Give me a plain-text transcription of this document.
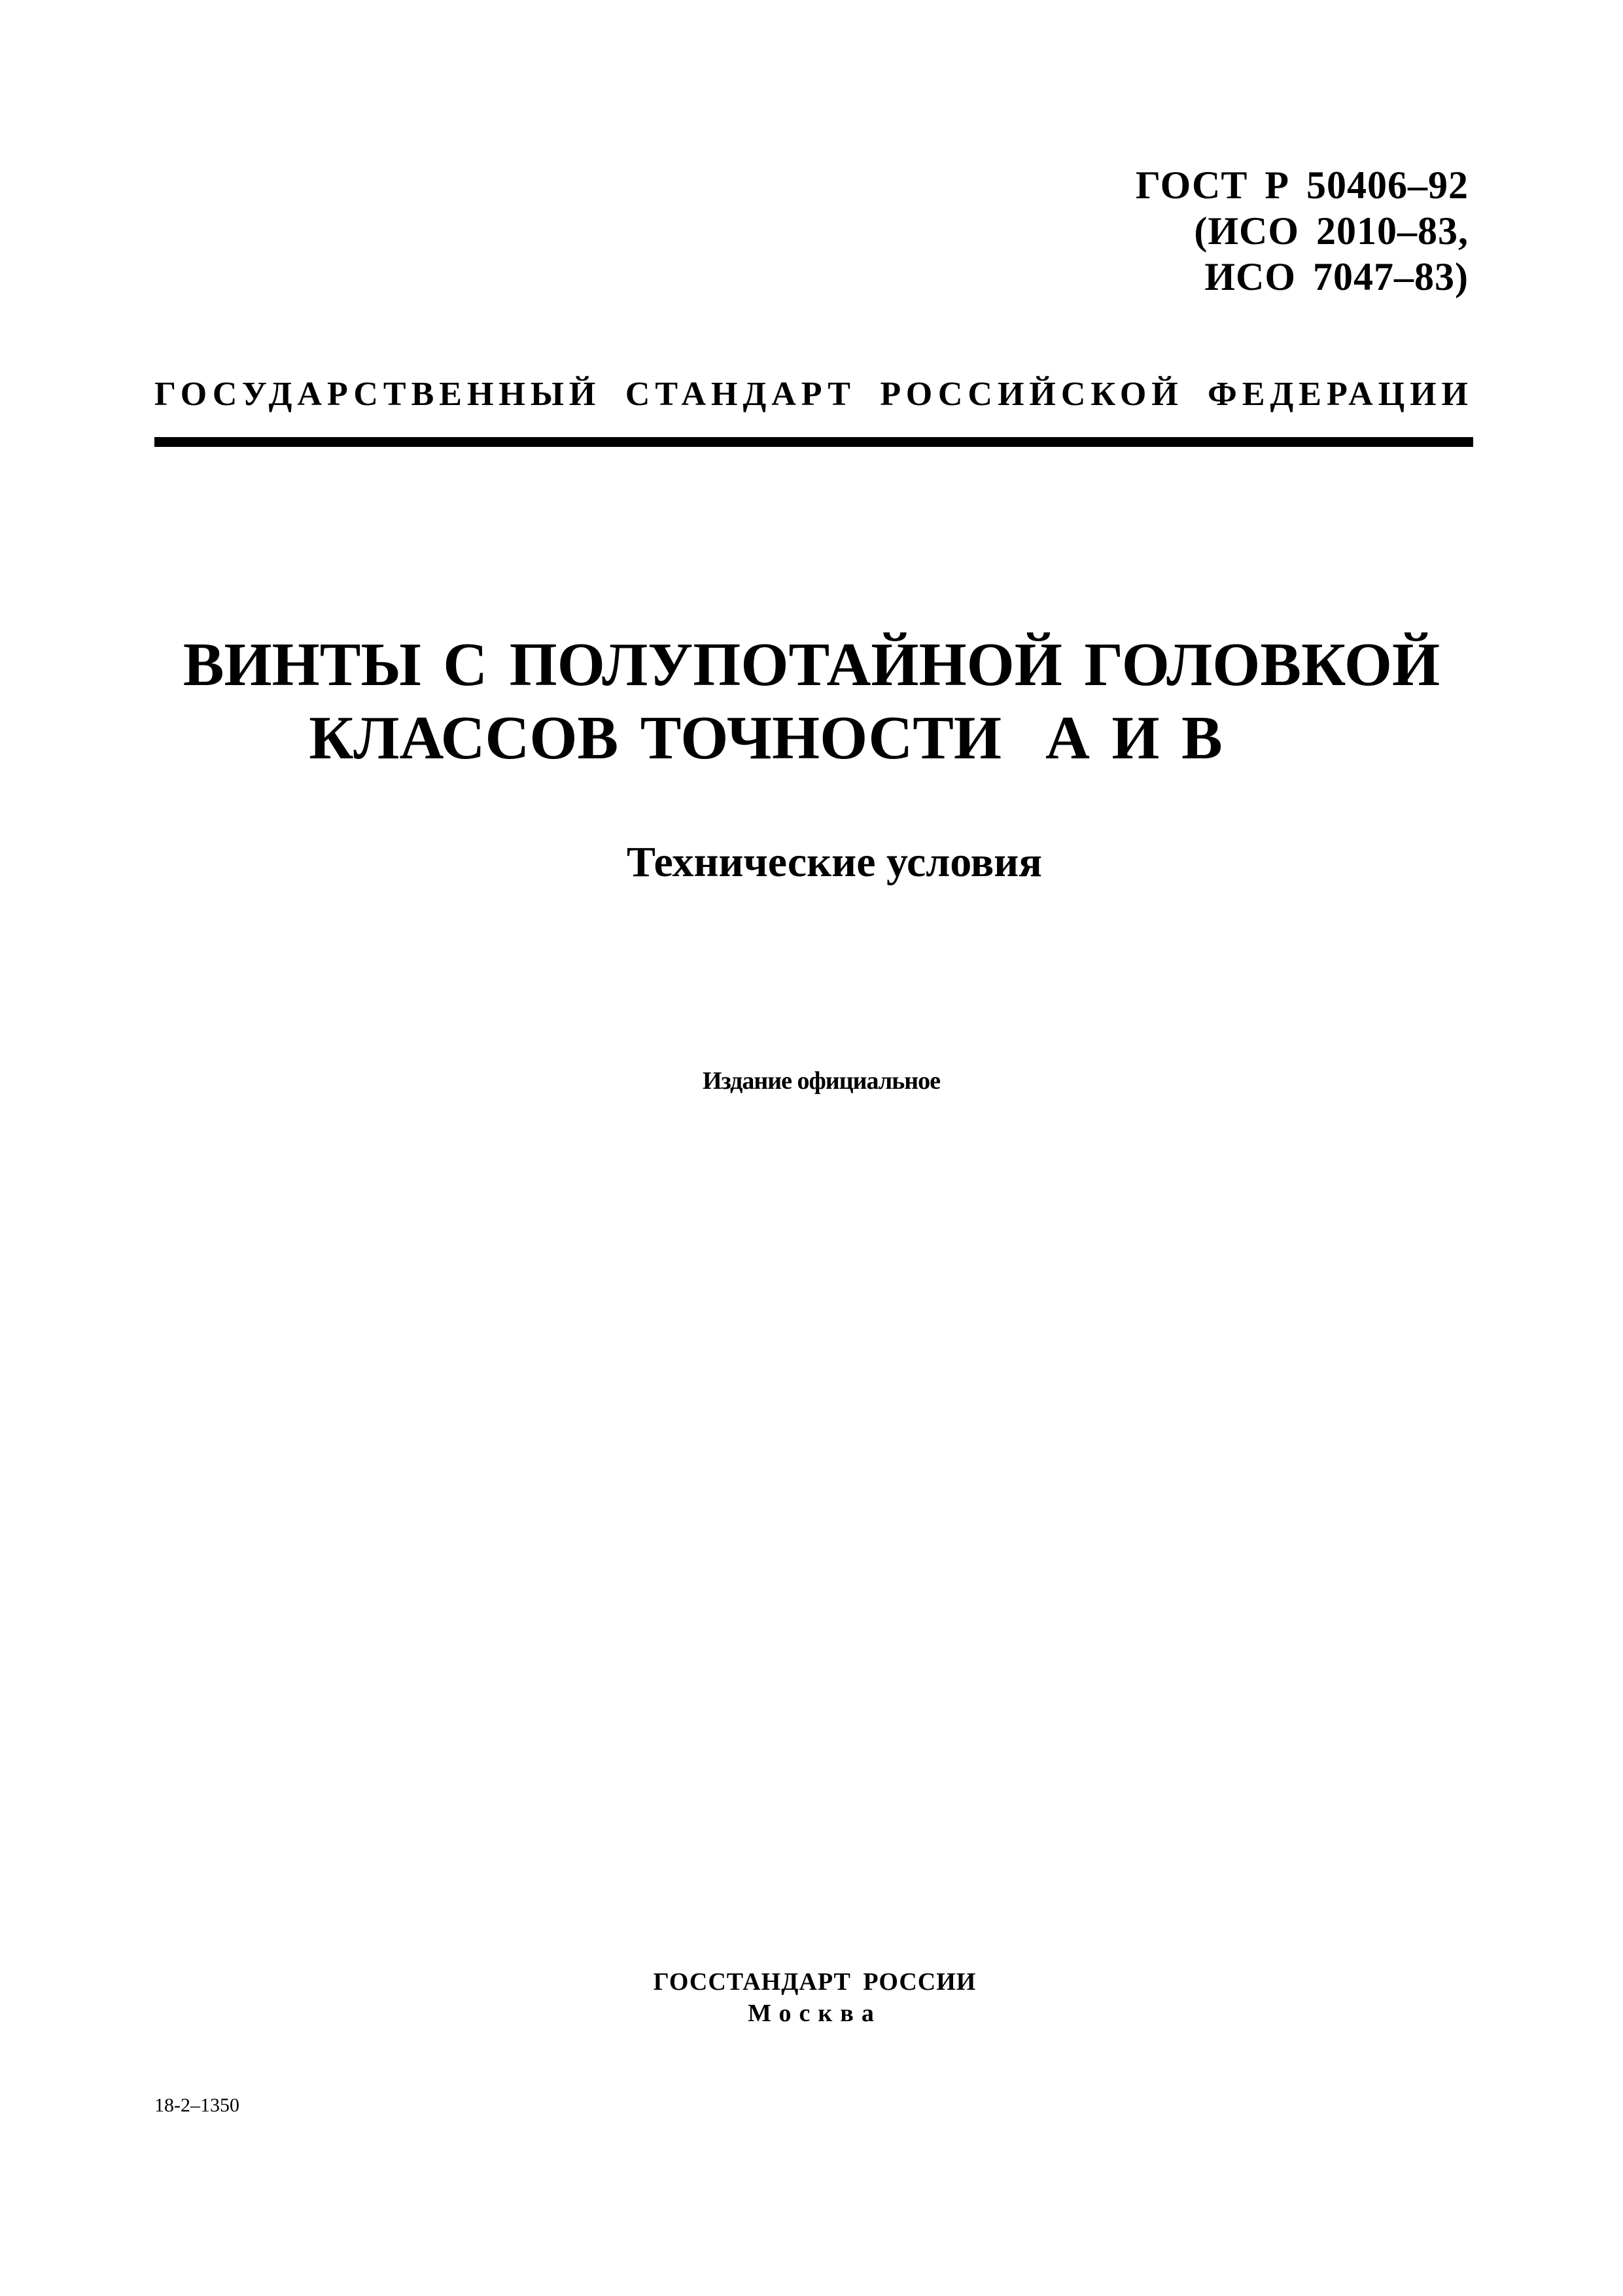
ГОСТ Р 50406–92
(ИСО 2010–83,
ИСО 7047–83)
ГОСУДАРСТВЕННЫЙ СТАНДАРТ РОССИЙСКОЙ ФЕДЕРАЦИИ
ВИНТЫ С ПОЛУПОТАЙНОЙ ГОЛОВКОЙ
КЛАССОВ ТОЧНОСТИ  А И В
Технические условия
Издание официальное
ГОССТАНДАРТ РОССИИ
Москва
18-2–1350
